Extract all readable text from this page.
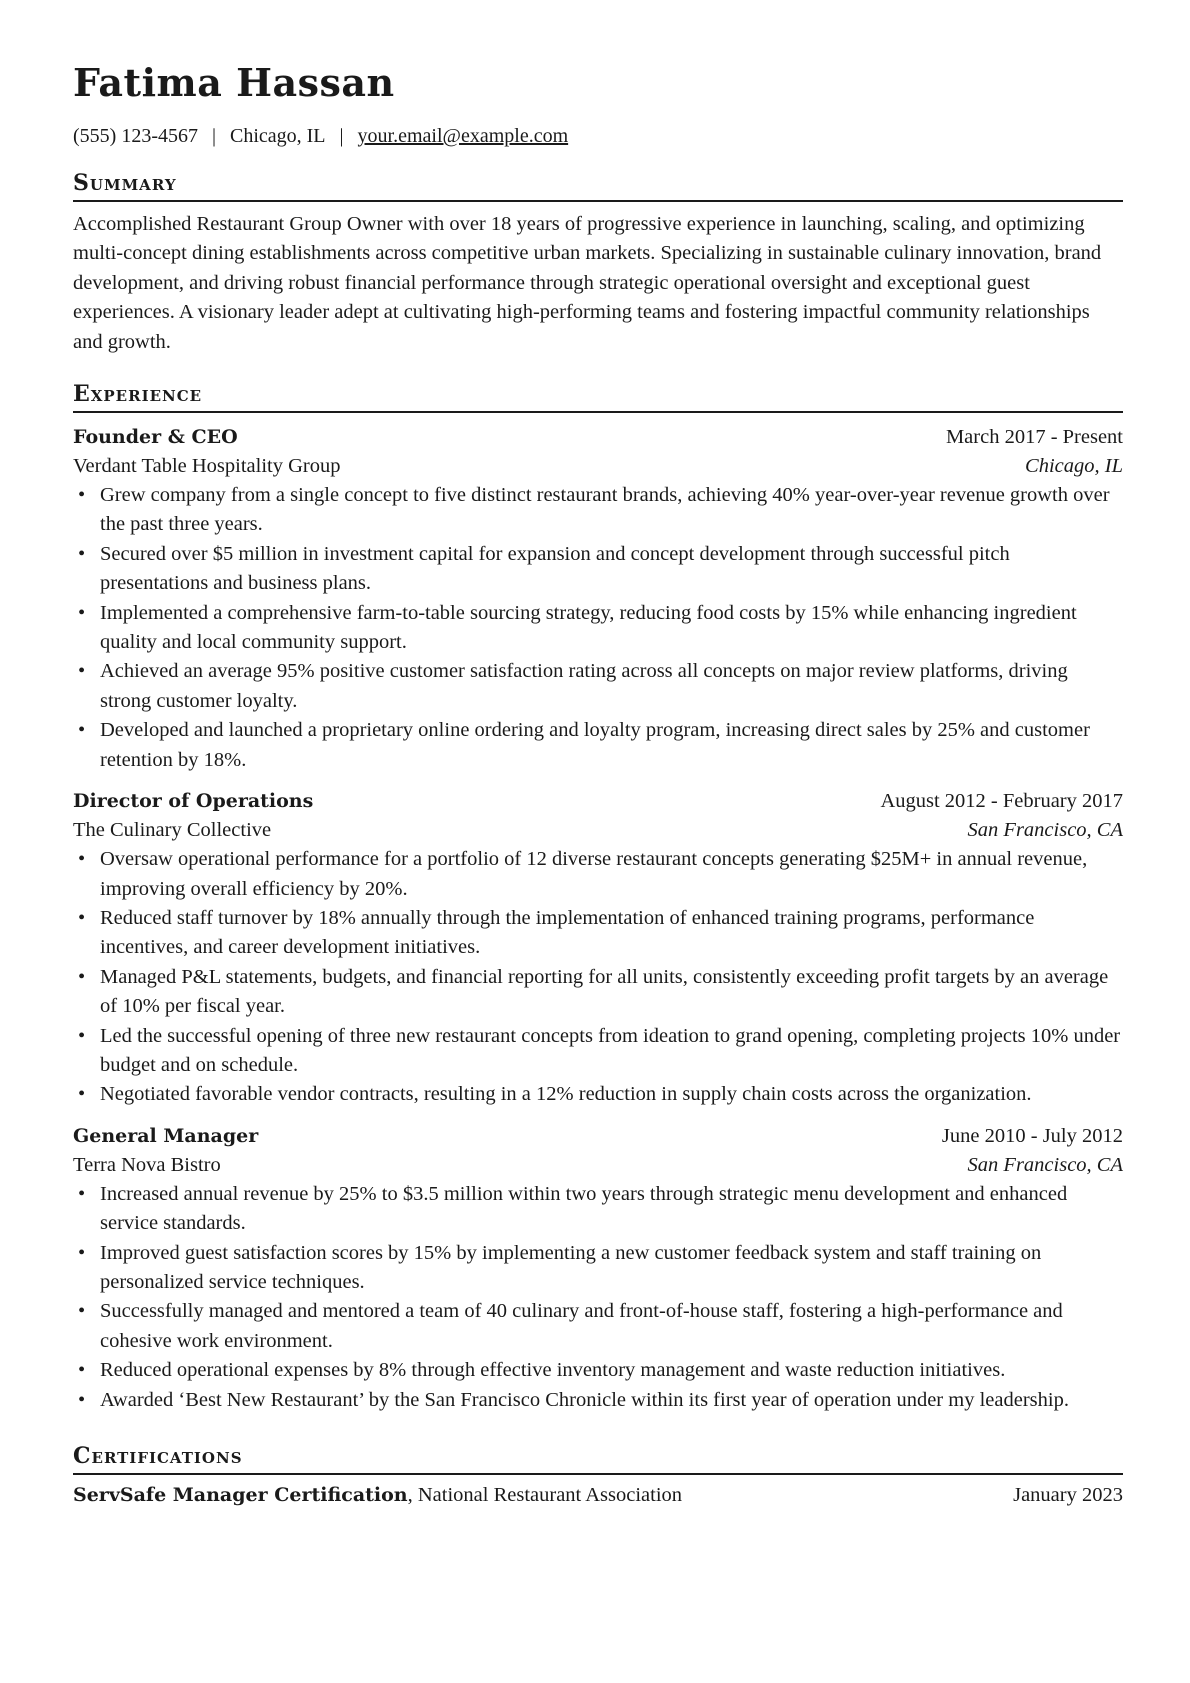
Fatima Hassan
(555) 123-4567 | Chicago, IL | your.email@example.com
Summary
Accomplished Restaurant Group Owner with over 18 years of progressive experience in launching, scaling, and optimizing multi-concept dining establishments across competitive urban markets. Specializing in sustainable culinary innovation, brand development, and driving robust financial performance through strategic operational oversight and exceptional guest experiences. A visionary leader adept at cultivating high-performing teams and fostering impactful community relationships and growth.
Experience
Founder & CEO	March 2017 - Present
Verdant Table Hospitality Group	Chicago, IL
• Grew company from a single concept to five distinct restaurant brands, achieving 40% year-over-year revenue growth over the past three years.
• Secured over $5 million in investment capital for expansion and concept development through successful pitch presentations and business plans.
• Implemented a comprehensive farm-to-table sourcing strategy, reducing food costs by 15% while enhancing ingredient quality and local community support.
• Achieved an average 95% positive customer satisfaction rating across all concepts on major review platforms, driving strong customer loyalty.
• Developed and launched a proprietary online ordering and loyalty program, increasing direct sales by 25% and customer retention by 18%.
Director of Operations	August 2012 - February 2017
The Culinary Collective	San Francisco, CA
• Oversaw operational performance for a portfolio of 12 diverse restaurant concepts generating $25M+ in annual revenue, improving overall efficiency by 20%.
• Reduced staff turnover by 18% annually through the implementation of enhanced training programs, performance incentives, and career development initiatives.
• Managed P&L statements, budgets, and financial reporting for all units, consistently exceeding profit targets by an average of 10% per fiscal year.
• Led the successful opening of three new restaurant concepts from ideation to grand opening, completing projects 10% under budget and on schedule.
• Negotiated favorable vendor contracts, resulting in a 12% reduction in supply chain costs across the organization.
General Manager	June 2010 - July 2012
Terra Nova Bistro	San Francisco, CA
• Increased annual revenue by 25% to $3.5 million within two years through strategic menu development and enhanced service standards.
• Improved guest satisfaction scores by 15% by implementing a new customer feedback system and staff training on personalized service techniques.
• Successfully managed and mentored a team of 40 culinary and front-of-house staff, fostering a high-performance and cohesive work environment.
• Reduced operational expenses by 8% through effective inventory management and waste reduction initiatives.
• Awarded ‘Best New Restaurant’ by the San Francisco Chronicle within its first year of operation under my leadership.
Certifications
ServSafe Manager Certification, National Restaurant Association	January 2023
